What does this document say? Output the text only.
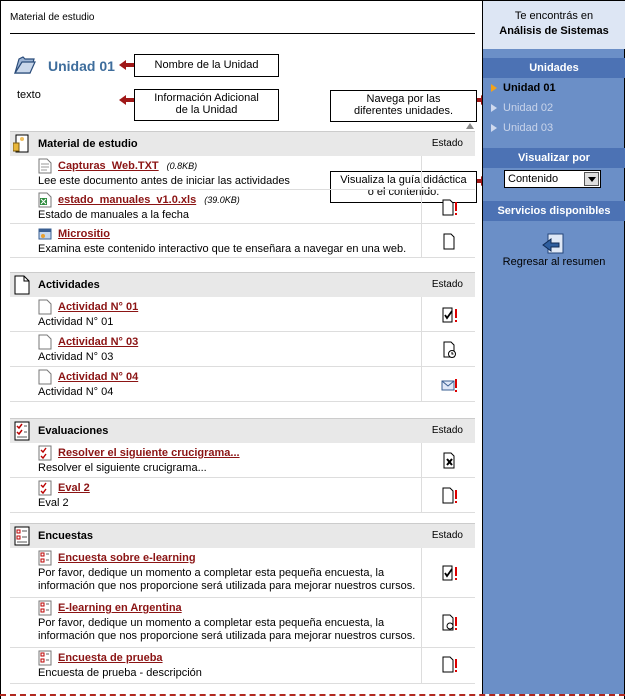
Material de estudio
Unidad 01
texto
Nombre de la Unidad
Información Adicional
de la Unidad
Navega por las
diferentes unidades.
Visualiza la guía didáctica
o el contenido.
Material de estudio	Estado
Capturas_Web.TXT (0.8KB)
Lee este documento antes de iniciar las actividades
estado_manuales_v1.0.xls (39.0KB)
Estado de manuales a la fecha
Micrositio
Examina este contenido interactivo que te enseñara a navegar en una web.
Actividades	Estado
Actividad N° 01
Actividad N° 01
Actividad N° 03
Actividad N° 03
Actividad N° 04
Actividad N° 04
Evaluaciones	Estado
Resolver el siguiente crucigrama...
Resolver el siguiente crucigrama...
Eval 2
Eval 2
Encuestas	Estado
Encuesta sobre e-learning
Por favor, dedique un momento a completar esta pequeña encuesta, la
información que nos proporcione será utilizada para mejorar nuestros cursos.
E-learning en Argentina
Por favor, dedique un momento a completar esta pequeña encuesta, la
información que nos proporcione será utilizada para mejorar nuestros cursos.
Encuesta de prueba
Encuesta de prueba - descripción
Te encontrás en
Análisis de Sistemas
Unidades
Unidad 01
Unidad 02
Unidad 03
Visualizar por
Contenido
Servicios disponibles
Regresar al resumen
